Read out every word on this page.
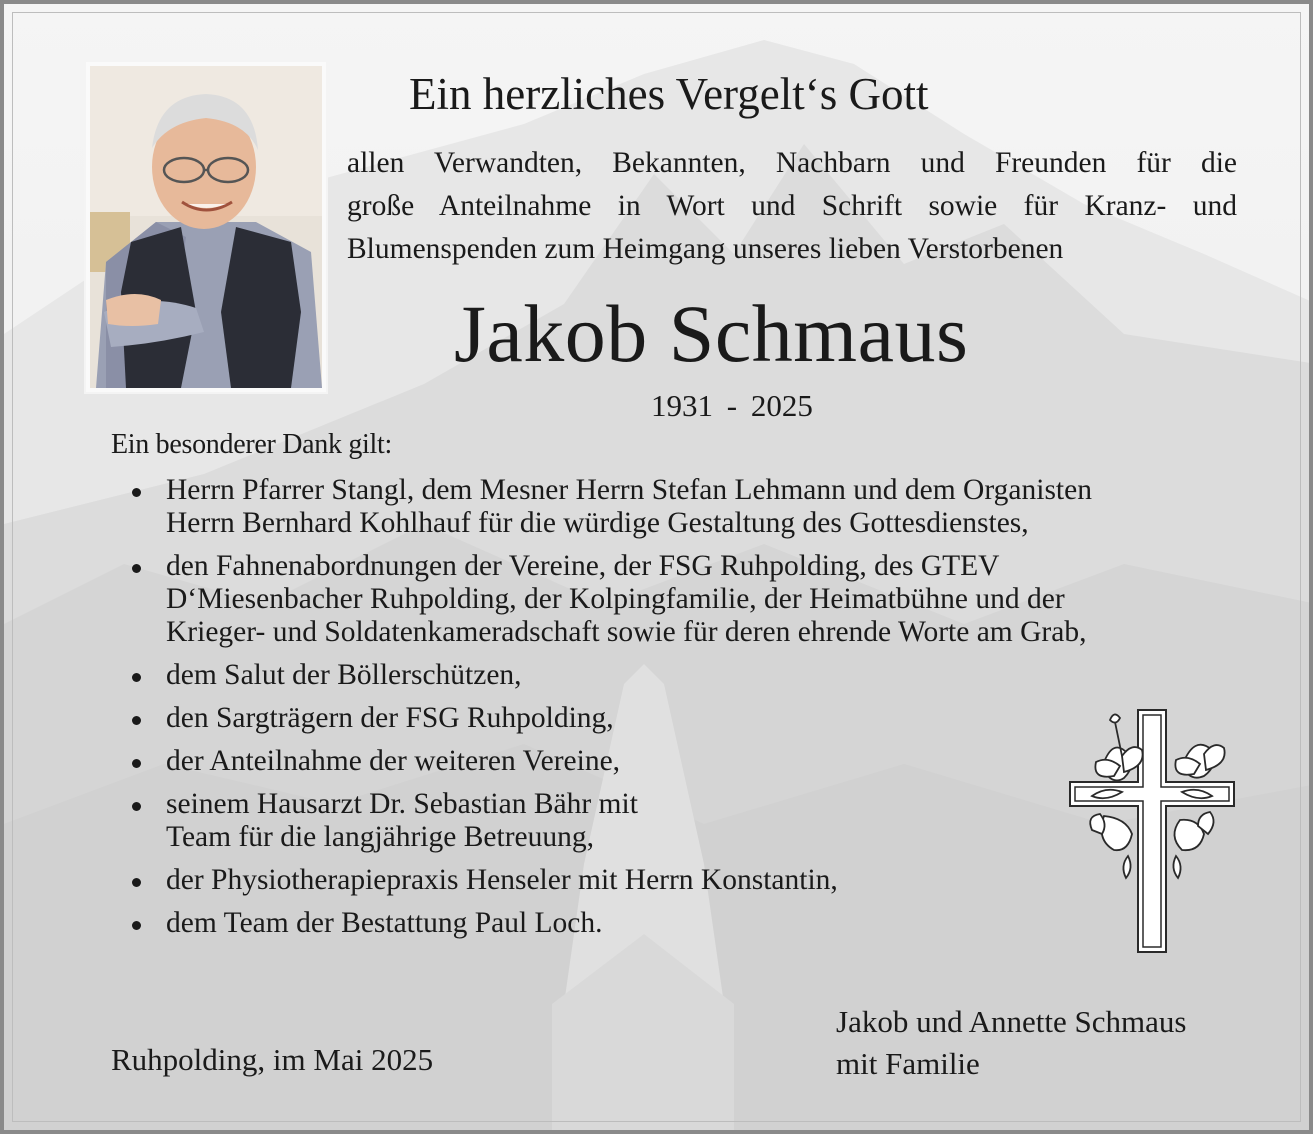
Ein herzliches Vergelt‘s Gott
allen Verwandten, Bekannten, Nachbarn und Freunden für die
große Anteilnahme in Wort und Schrift sowie für Kranz- und
Blumenspenden zum Heimgang unseres lieben Verstorbenen
Jakob Schmaus
1931 - 2025
Ein besonderer Dank gilt:
Herrn Pfarrer Stangl, dem Mesner Herrn Stefan Lehmann und dem Organisten
Herrn Bernhard Kohlhauf für die würdige Gestaltung des Gottesdienstes,
den Fahnenabordnungen der Vereine, der FSG Ruhpolding, des GTEV
D‘Miesenbacher Ruhpolding, der Kolpingfamilie, der Heimatbühne und der
Krieger- und Soldatenkameradschaft sowie für deren ehrende Worte am Grab,
dem Salut der Böllerschützen,
den Sargträgern der FSG Ruhpolding,
der Anteilnahme der weiteren Vereine,
seinem Hausarzt Dr. Sebastian Bähr mit
Team für die langjährige Betreuung,
der Physiotherapiepraxis Henseler mit Herrn Konstantin,
dem Team der Bestattung Paul Loch.
Ruhpolding, im Mai 2025
Jakob und Annette Schmaus
mit Familie
